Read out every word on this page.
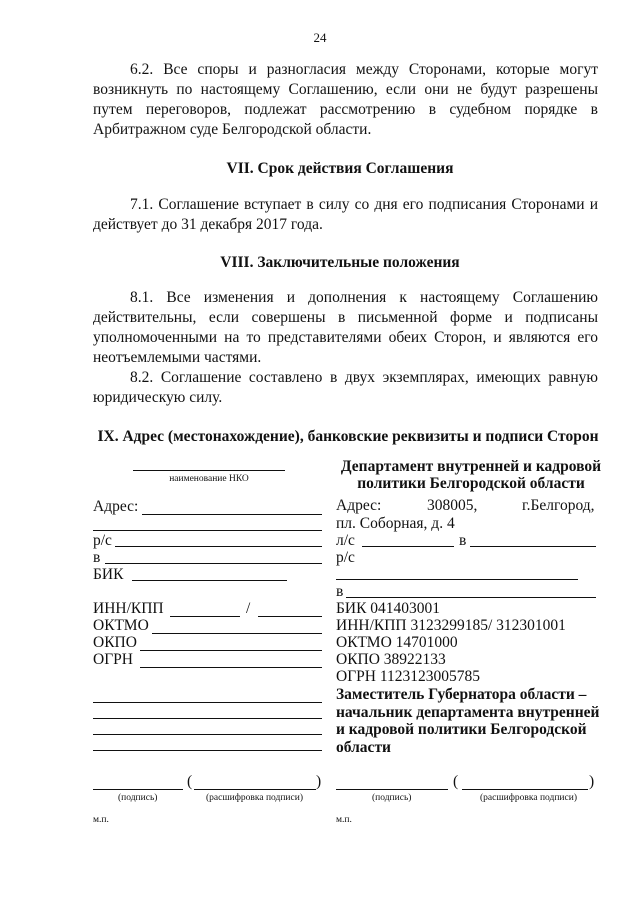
24
6.2. Все споры и разногласия между Сторонами, которые могут возникнуть по настоящему Соглашению, если они не будут разрешены путем переговоров, подлежат рассмотрению в судебном порядке в Арбитражном суде Белгородской области.
VII. Срок действия Соглашения
7.1. Соглашение вступает в силу со дня его подписания Сторонами и действует до 31 декабря 2017 года.
VIII. Заключительные положения
8.1. Все изменения и дополнения к настоящему Соглашению действительны, если совершены в письменной форме и подписаны уполномоченными на то представителями обеих Сторон, и являются его неотъемлемыми частями.
8.2. Соглашение составлено в двух экземплярах, имеющих равную юридическую силу.
IX. Адрес (местонахождение), банковские реквизиты и подписи Сторон
наименование НКО
Адрес:
р/с
в
БИК
ИНН/КПП	/
ОКТМО
ОКПО
ОГРН
(	)
(подпись)	(расшифровка подписи)
м.п.
Департамент внутренней и кадровой
политики Белгородской области
Адрес:	308005,	г.Белгород,
пл. Соборная, д. 4
л/с	в
р/с
в
БИК 041403001
ИНН/КПП 3123299185/ 312301001
ОКТМО 14701000
ОКПО 38922133
ОГРН 1123123005785
Заместитель Губернатора области –
начальник департамента внутренней
и кадровой политики Белгородской
области
(	)
(подпись)	(расшифровка подписи)
м.п.
